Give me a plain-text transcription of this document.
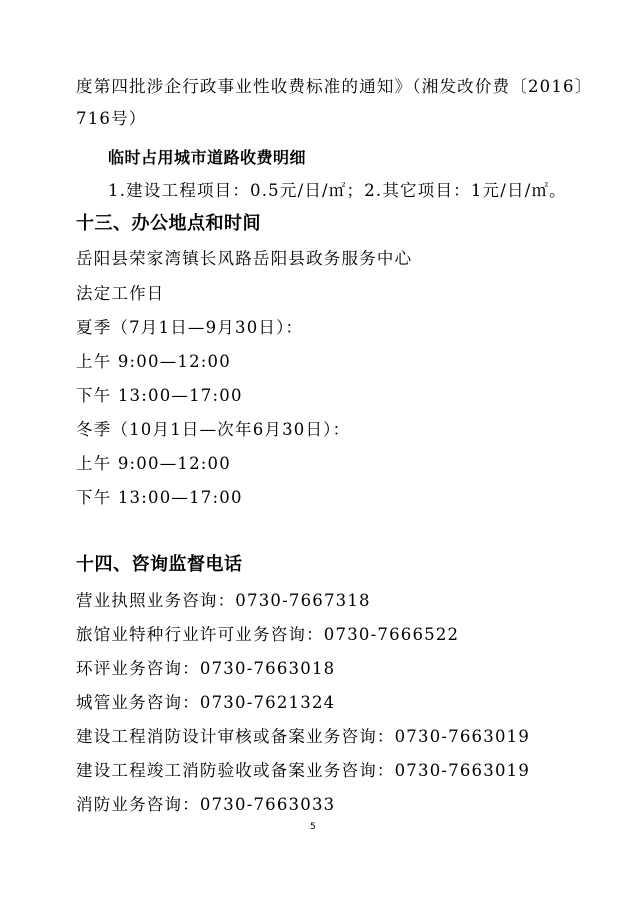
度第四批涉企行政事业性收费标准的通知》（湘发改价费〔2016〕
716号）
临时占用城市道路收费明细
1.建设工程项目：0.5元/日/㎡；2.其它项目：1元/日/㎡。
十三、办公地点和时间
岳阳县荣家湾镇长风路岳阳县政务服务中心
法定工作日
夏季（7月1日—9月30日）：
上午 9:00—12:00
下午 13:00—17:00
冬季（10月1日—次年6月30日）：
上午 9:00—12:00
下午 13:00—17:00
十四、咨询监督电话
营业执照业务咨询：0730-7667318
旅馆业特种行业许可业务咨询：0730-7666522
环评业务咨询：0730-7663018
城管业务咨询：0730-7621324
建设工程消防设计审核或备案业务咨询：0730-7663019
建设工程竣工消防验收或备案业务咨询：0730-7663019
消防业务咨询：0730-7663033
5
